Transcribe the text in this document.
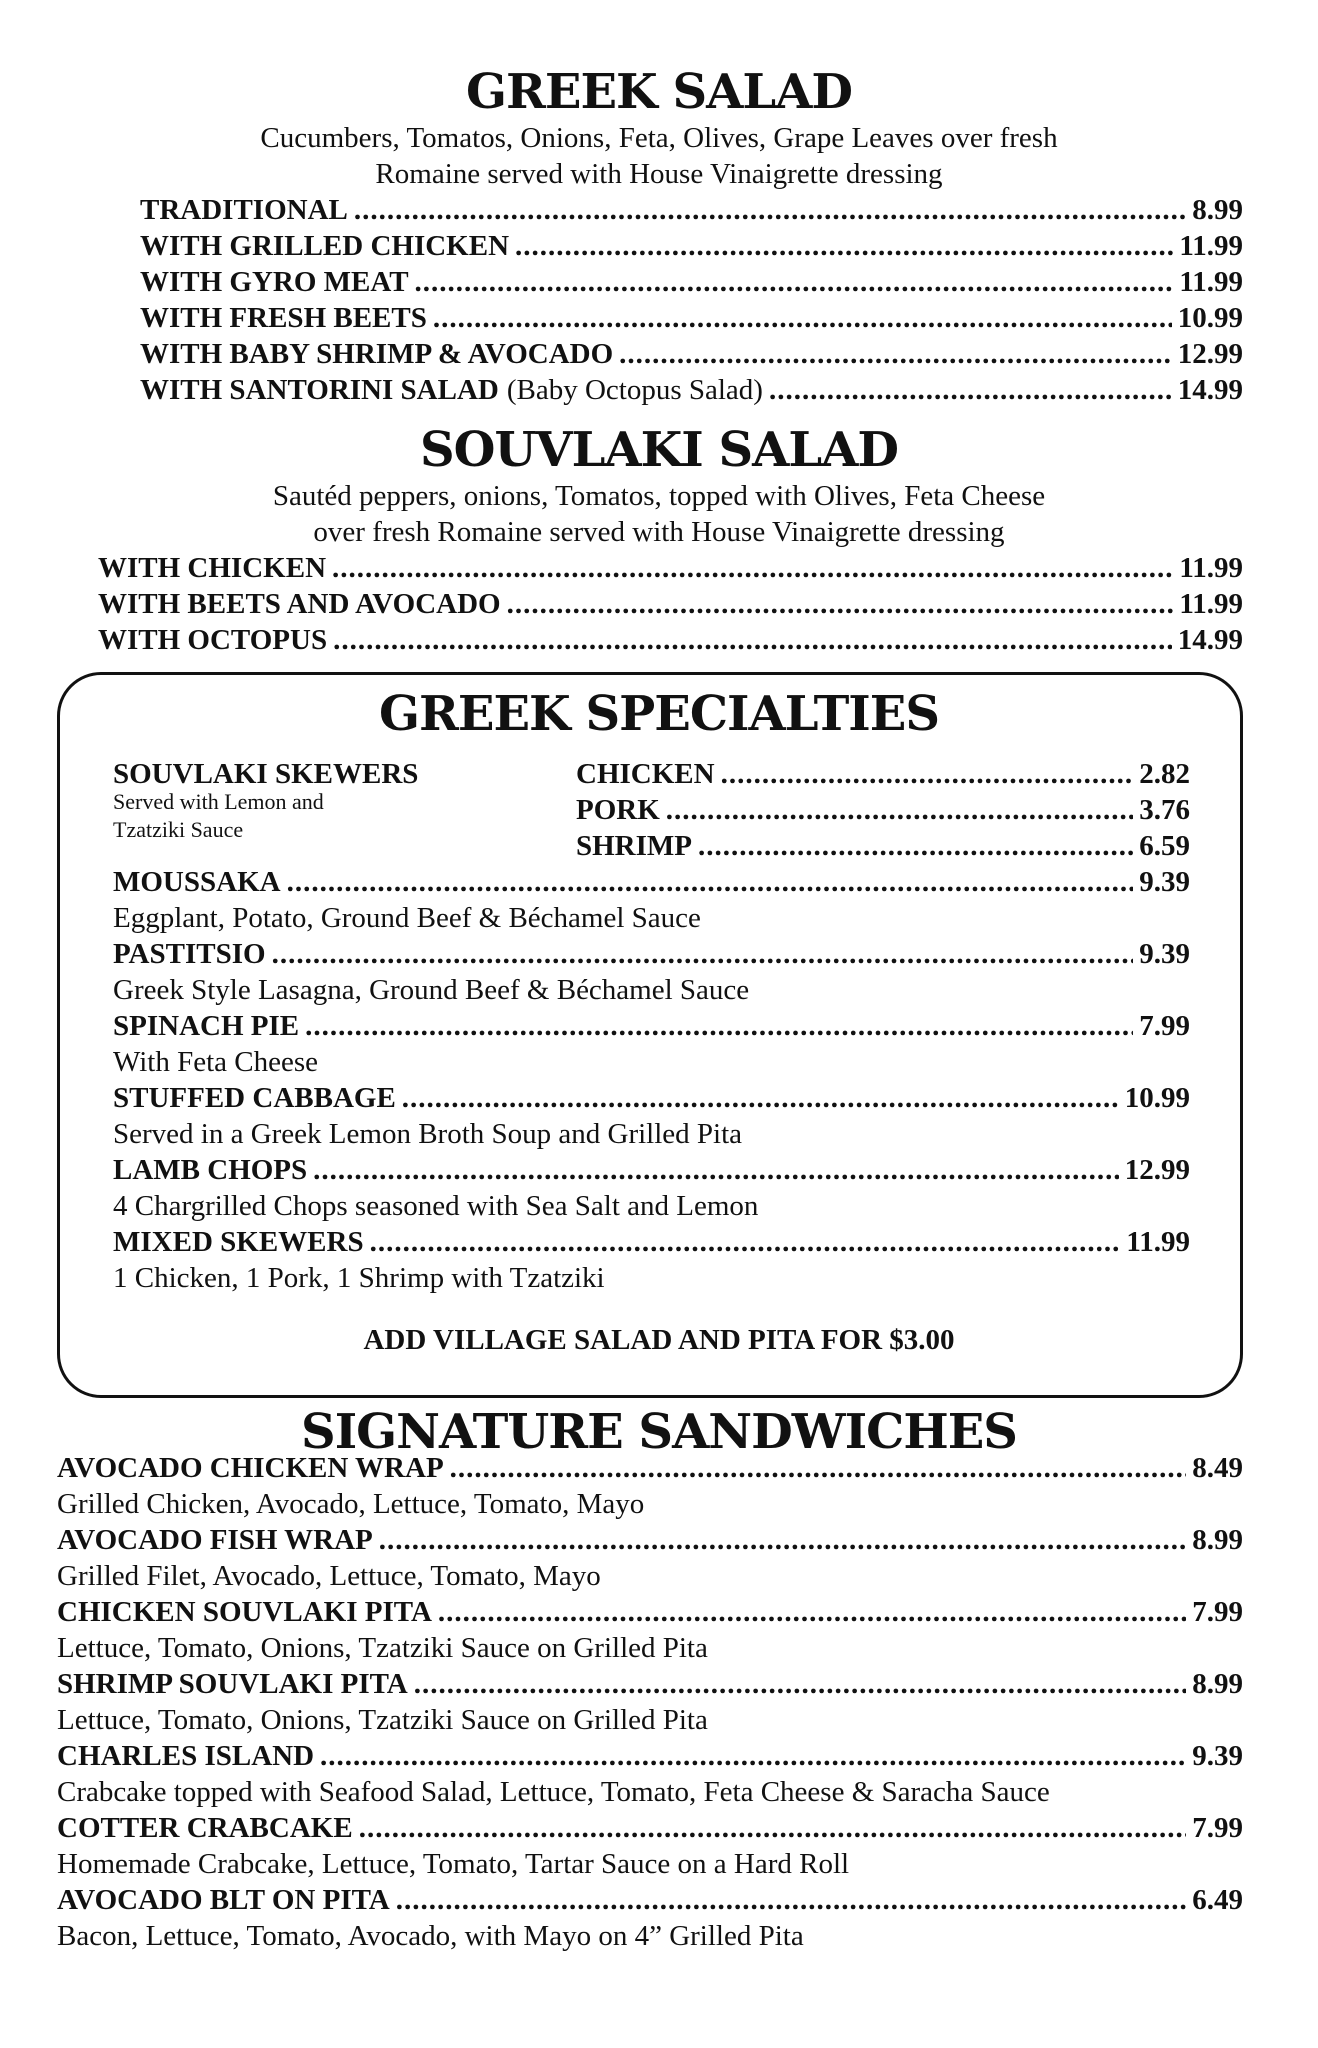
GREEK SALAD
Cucumbers, Tomatos, Onions, Feta, Olives, Grape Leaves over fresh
Romaine served with House Vinaigrette dressing
TRADITIONAL .....	8.99
WITH GRILLED CHICKEN .....	11.99
WITH GYRO MEAT .....	11.99
WITH FRESH BEETS .....	10.99
WITH BABY SHRIMP & AVOCADO .....	12.99
WITH SANTORINI SALAD (Baby Octopus Salad) .....	14.99
SOUVLAKI SALAD
Sautéd peppers, onions, Tomatos, topped with Olives, Feta Cheese
over fresh Romaine served with House Vinaigrette dressing
WITH CHICKEN .....	11.99
WITH BEETS AND AVOCADO .....	11.99
WITH OCTOPUS .....	14.99
GREEK SPECIALTIES
SOUVLAKI SKEWERS
Served with Lemon and
Tzatziki Sauce
CHICKEN .....	2.82
PORK .....	3.76
SHRIMP .....	6.59
MOUSSAKA .....	9.39
Eggplant, Potato, Ground Beef & Béchamel Sauce
PASTITSIO .....	9.39
Greek Style Lasagna, Ground Beef & Béchamel Sauce
SPINACH PIE .....	7.99
With Feta Cheese
STUFFED CABBAGE .....	10.99
Served in a Greek Lemon Broth Soup and Grilled Pita
LAMB CHOPS .....	12.99
4 Chargrilled Chops seasoned with Sea Salt and Lemon
MIXED SKEWERS .....	11.99
1 Chicken, 1 Pork, 1 Shrimp with Tzatziki
ADD VILLAGE SALAD AND PITA FOR $3.00
SIGNATURE SANDWICHES
AVOCADO CHICKEN WRAP .....	8.49
Grilled Chicken, Avocado, Lettuce, Tomato, Mayo
AVOCADO FISH WRAP .....	8.99
Grilled Filet, Avocado, Lettuce, Tomato, Mayo
CHICKEN SOUVLAKI PITA .....	7.99
Lettuce, Tomato, Onions, Tzatziki Sauce on Grilled Pita
SHRIMP SOUVLAKI PITA .....	8.99
Lettuce, Tomato, Onions, Tzatziki Sauce on Grilled Pita
CHARLES ISLAND .....	9.39
Crabcake topped with Seafood Salad, Lettuce, Tomato, Feta Cheese & Saracha Sauce
COTTER CRABCAKE .....	7.99
Homemade Crabcake, Lettuce, Tomato, Tartar Sauce on a Hard Roll
AVOCADO BLT ON PITA .....	6.49
Bacon, Lettuce, Tomato, Avocado, with Mayo on 4” Grilled Pita
